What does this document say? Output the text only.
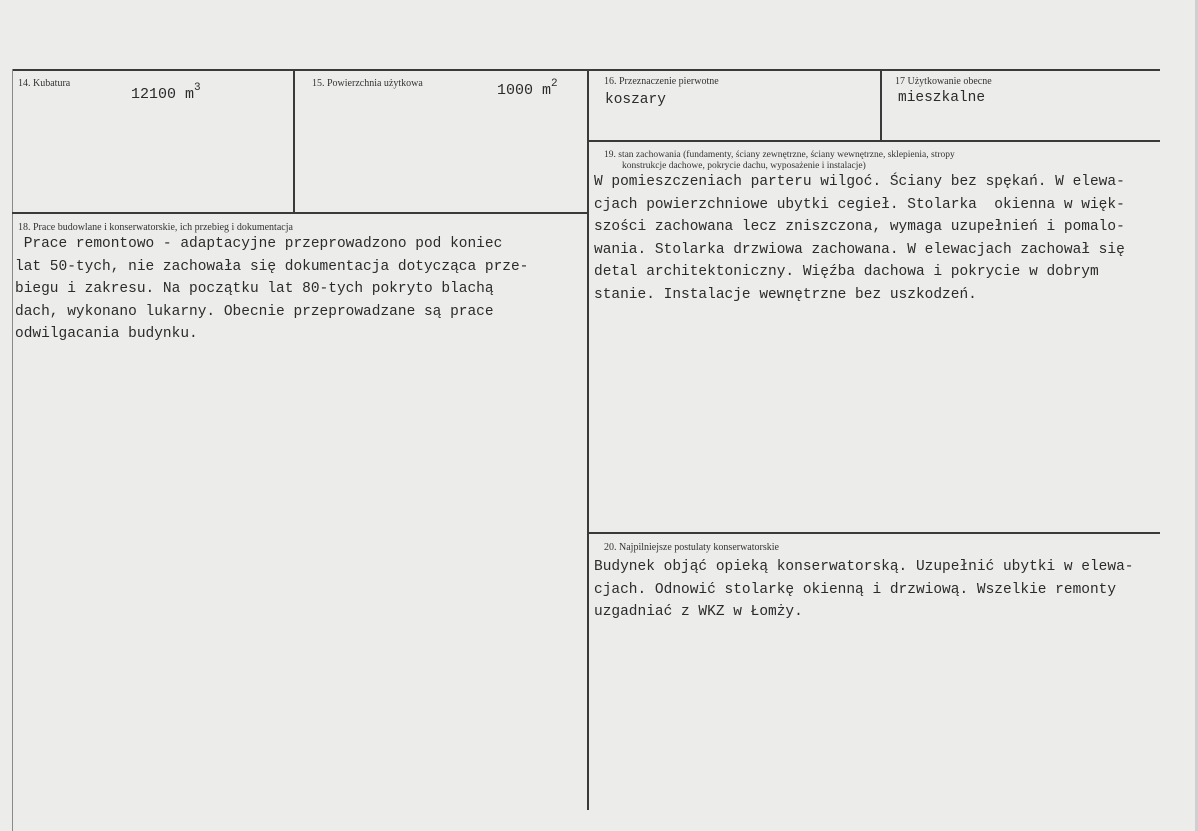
14. Kubatura
12100 $m^3$	15. Powierzchnia użytkowa	1000 $m^2$	16. Przeznaczenie pierwotne
koszary
17 Użytkowanie obecne
mieszkalne
18. Prace budowlane i konserwatorskie, ich przebieg i dokumentacja
Prace remontowo - adaptacyjne przeprowadzono pod koniec
lat 50-tych, nie zachowała się dokumentacja dotycząca prze-
biegu i zakresu. Na początku lat 80-tych pokryto blachą
dach, wykonano lukarny. Obecnie przeprowadzane są prace
odwilgacania budynku.
19. stan zachowania (fundamenty, ściany zewnętrzne, ściany wewnętrzne, sklepienia, stropy
konstrukcje dachowe, pokrycie dachu, wyposażenie i instalacje)
W pomieszczeniach parteru wilgoć. Ściany bez spękań. W elewa-
cjach powierzchniowe ubytki cegieł. Stolarka  okienna w więk-
szości zachowana lecz zniszczona, wymaga uzupełnień i pomalo-
wania. Stolarka drzwiowa zachowana. W elewacjach zachował się
detal architektoniczny. Więźba dachowa i pokrycie w dobrym
stanie. Instalacje wewnętrzne bez uszkodzeń.
20. Najpilniejsze postulaty konserwatorskie
Budynek objąć opieką konserwatorską. Uzupełnić ubytki w elewa-
cjach. Odnowić stolarkę okienną i drzwiową. Wszelkie remonty
uzgadniać z WKZ w Łomży.
